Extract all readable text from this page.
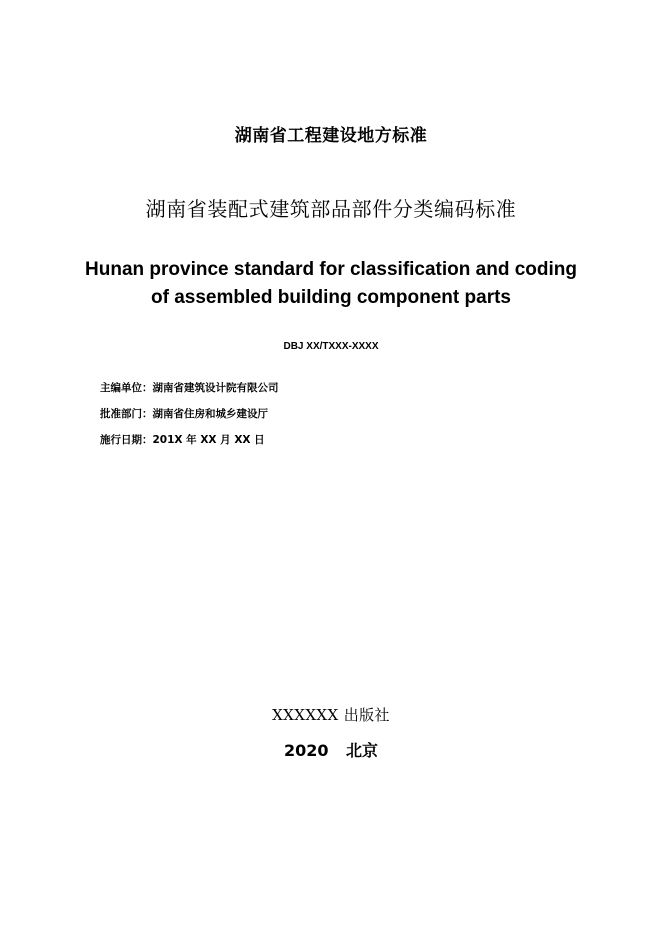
湖南省工程建设地方标准
湖南省装配式建筑部品部件分类编码标准
Hunan province standard for classification and coding
of assembled building component parts
DBJ XX/TXXX-XXXX
主编单位：湖南省建筑设计院有限公司
批准部门：湖南省住房和城乡建设厅
施行日期：201X 年 XX 月 XX 日
XXXXXX 出版社
2020 北京
